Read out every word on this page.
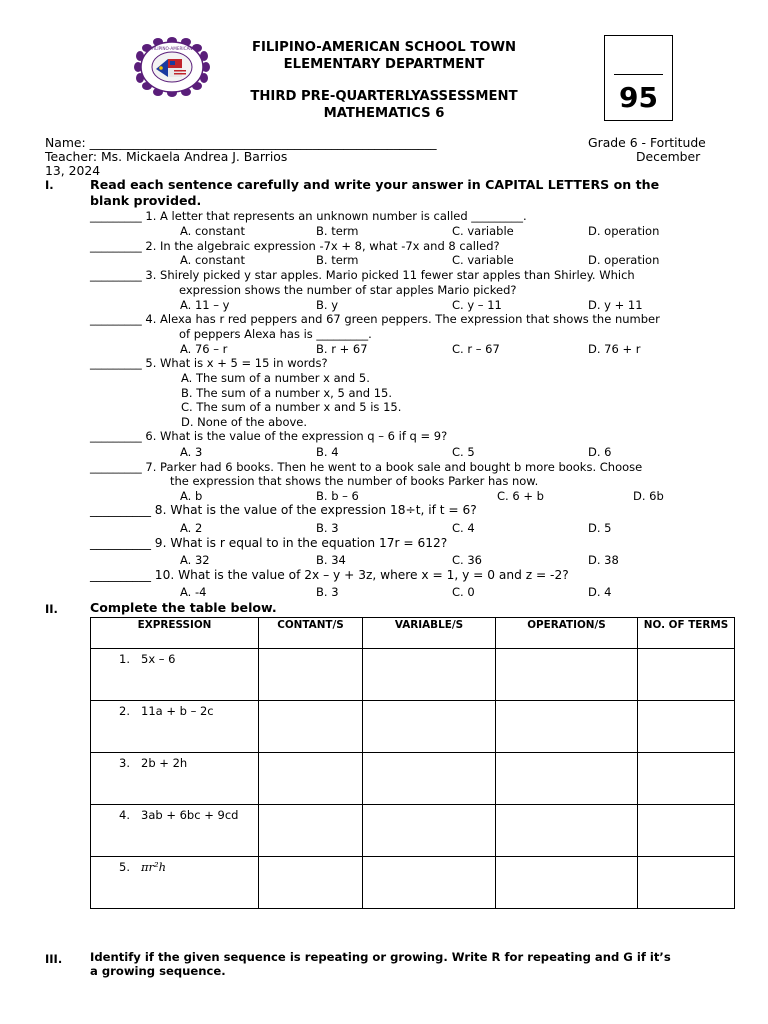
FILIPINO-AMERICAN	FILIPINO-AMERICAN SCHOOL TOWN
ELEMENTARY DEPARTMENT
THIRD PRE-QUARTERLYASSESSMENT
MATHEMATICS 6	95
Name: ________________________________________________________	Grade 6 - Fortitude
Teacher: Ms. Mickaela Andrea J. Barrios	December
13, 2024
I.	Read each sentence carefully and write your answer in CAPITAL LETTERS on the
blank provided.
_________ 1. A letter that represents an unknown number is called _________.
A. constant	B. term	C. variable	D. operation
_________ 2. In the algebraic expression -7x + 8, what -7x and 8 called?
A. constant	B. term	C. variable	D. operation
_________ 3. Shirely picked y star apples. Mario picked 11 fewer star apples than Shirley. Which
expression shows the number of star apples Mario picked?
A. 11 – y	B. y	C. y – 11	D. y + 11
_________ 4. Alexa has r red peppers and 67 green peppers. The expression that shows the number
of peppers Alexa has is _________.
A. 76 – r	B. r + 67	C. r – 67	D. 76 + r
_________ 5. What is x + 5 = 15 in words?
A. The sum of a number x and 5.
B. The sum of a number x, 5 and 15.
C. The sum of a number x and 5 is 15.
D. None of the above.
_________ 6. What is the value of the expression q – 6 if q = 9?
A. 3	B. 4	C. 5	D. 6
_________ 7. Parker had 6 books. Then he went to a book sale and bought b more books. Choose
the expression that shows the number of books Parker has now.
A. b	B. b – 6	C. 6 + b	D. 6b
__________ 8. What is the value of the expression 18÷t, if t = 6?
A. 2	B. 3	C. 4	D. 5
__________ 9. What is r equal to in the equation 17r = 612?
A. 32	B. 34	C. 36	D. 38
__________ 10. What is the value of 2x – y + 3z, where x = 1, y = 0 and z = -2?
A. -4	B. 3	C. 0	D. 4
II.	Complete the table below.
EXPRESSION	CONTANT/S	VARIABLE/S	OPERATION/S	NO. OF TERMS
1. 5x – 6				
2. 11a + b – 2c				
3. 2b + 2h				
4. 3ab + 6bc + 9cd				
5. πr²h				
III. Identify if the given sequence is repeating or growing. Write R for repeating and G if it’s
a growing sequence.
